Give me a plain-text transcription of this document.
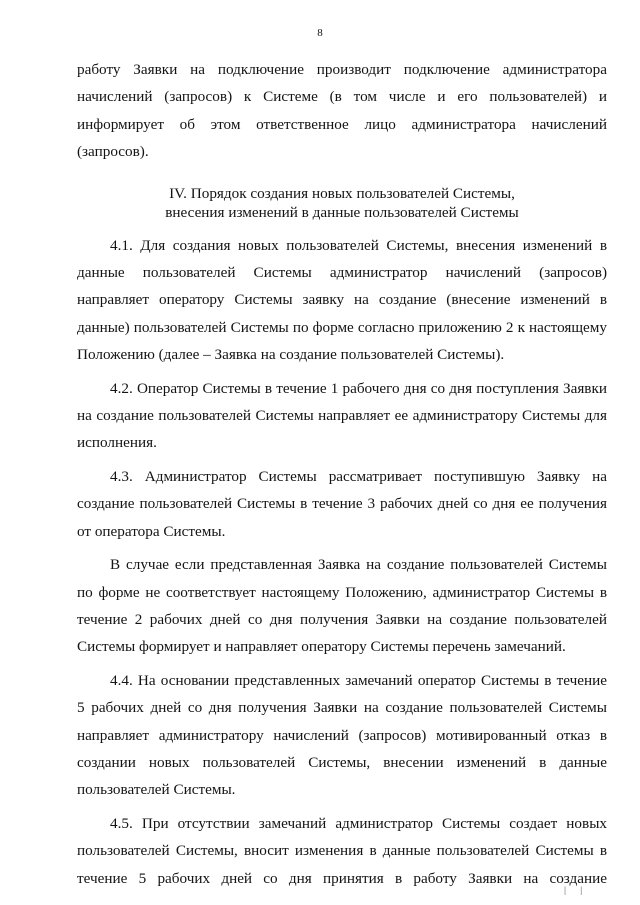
8

работу Заявки на подключение производит подключение администратора начислений (запросов) к Системе (в том числе и его пользователей) и информирует об этом ответственное лицо администратора начислений (запросов).

IV. Порядок создания новых пользователей Системы,
внесения изменений в данные пользователей Системы

4.1. Для создания новых пользователей Системы, внесения изменений в данные пользователей Системы администратор начислений (запросов) направляет оператору Системы заявку на создание (внесение изменений в данные) пользователей Системы по форме согласно приложению 2 к настоящему Положению (далее – Заявка на создание пользователей Системы).

4.2. Оператор Системы в течение 1 рабочего дня со дня поступления Заявки на создание пользователей Системы направляет ее администратору Системы для исполнения.

4.3. Администратор Системы рассматривает поступившую Заявку на создание пользователей Системы в течение 3 рабочих дней со дня ее получения от оператора Системы.

В случае если представленная Заявка на создание пользователей Системы по форме не соответствует настоящему Положению, администратор Системы в течение 2 рабочих дней со дня получения Заявки на создание пользователей Системы формирует и направляет оператору Системы перечень замечаний.

4.4. На основании представленных замечаний оператор Системы в течение 5 рабочих дней со дня получения Заявки на создание пользователей Системы направляет администратору начислений (запросов) мотивированный отказ в создании новых пользователей Системы, внесении изменений в данные пользователей Системы.

4.5. При отсутствии замечаний администратор Системы создает новых пользователей Системы, вносит изменения в данные пользователей Системы в течение 5 рабочих дней со дня принятия в работу Заявки на создание

| |
